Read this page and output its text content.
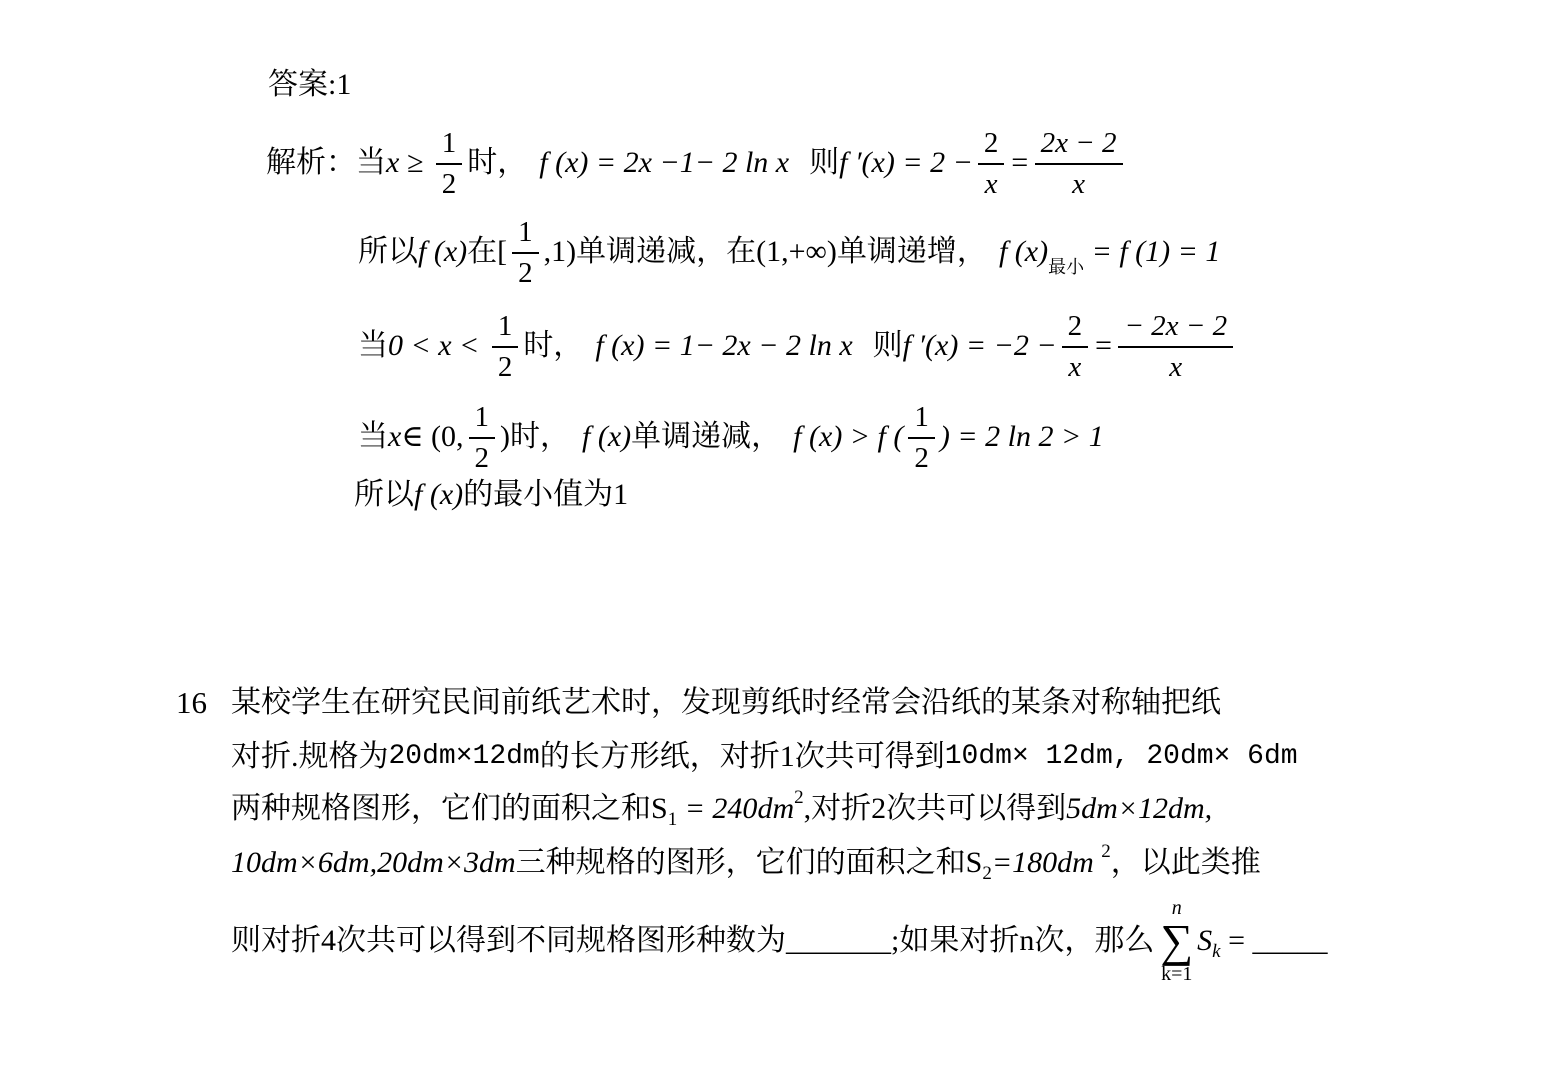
答案:1
解析： 当 $x \ge \frac{1}{2}$ 时， f (x) = 2x −1− 2 ln x 则 f $'(x) = 2 - \frac{2}{x} = \frac{2x - 2}{x}$
所以 f (x) 在[ $\frac{1}{2} ,1$) 单调递减，在 (1,+∞) 单调递增， f (x) 最小 = f (1) = 1
当 $0 < x < \frac{1}{2}$ 时， f (x) = 1− 2x − 2 ln x 则 f $'(x) = -2 - \frac{2}{x} = \frac{- 2x - 2}{x}$
当 x ∈ (0, $\frac{1}{2}$ )时， f (x) 单调递减， f (x) > f ( $\frac{1}{2}$ ) = 2 ln 2 > 1
所以 f (x) 的最小值为1
16 某校学生在研究民间前纸艺术时，发现剪纸时经常会沿纸的某条对称轴把纸
对折.规格为 20dm×12dm 的长方形纸，对折1次共可得到 10dm× 12dm, 20dm× 6dm
两种规格图形，它们的面积之和 S 1 = 240 dm 2 , 对折2次共可以得到 5dm×12dm,
10dm×6dm,20dm×3dm 三种规格的图形，它们的面积之和 S 2 =180 dm 2 ，以此类推
则对折4次共可以得到不同规格图形种数为 _______ ;如果对折n次，那么
n
∑
k=1
S k = _____
